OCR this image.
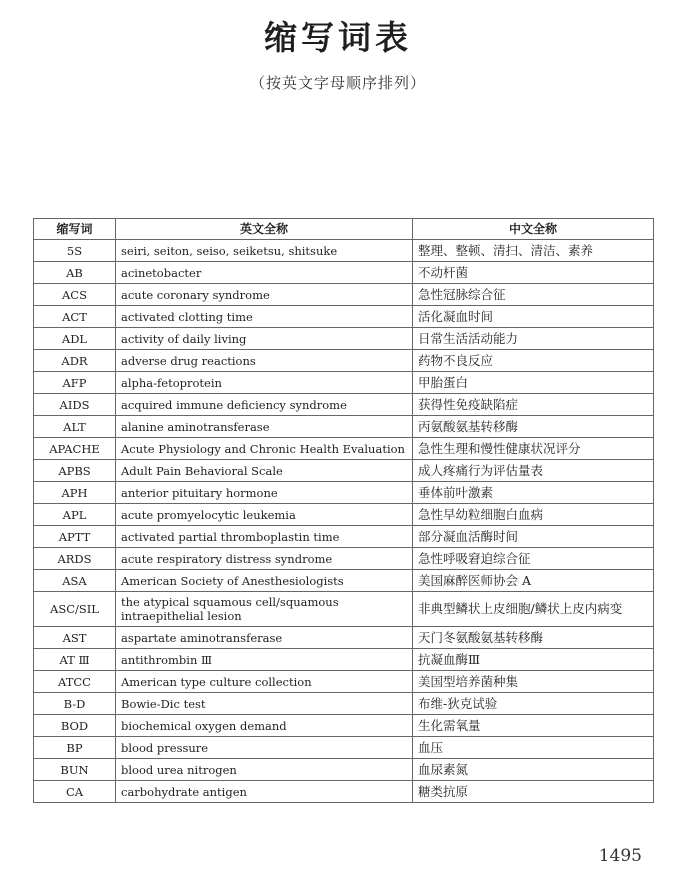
缩写词表
（按英文字母顺序排列）
缩写词	英文全称	中文全称
5S	seiri, seiton, seiso, seiketsu, shitsuke	整理、整顿、清扫、清洁、素养
AB	acinetobacter	不动杆菌
ACS	acute coronary syndrome	急性冠脉综合征
ACT	activated clotting time	活化凝血时间
ADL	activity of daily living	日常生活活动能力
ADR	adverse drug reactions	药物不良反应
AFP	alpha-fetoprotein	甲胎蛋白
AIDS	acquired immune deficiency syndrome	获得性免疫缺陷症
ALT	alanine aminotransferase	丙氨酸氨基转移酶
APACHE	Acute Physiology and Chronic Health Evaluation	急性生理和慢性健康状况评分
APBS	Adult Pain Behavioral Scale	成人疼痛行为评估量表
APH	anterior pituitary hormone	垂体前叶激素
APL	acute promyelocytic leukemia	急性早幼粒细胞白血病
APTT	activated partial thromboplastin time	部分凝血活酶时间
ARDS	acute respiratory distress syndrome	急性呼吸窘迫综合征
ASA	American Society of Anesthesiologists	美国麻醉医师协会 A
ASC/SIL	the atypical squamous cell/squamous intraepithelial lesion	非典型鳞状上皮细胞/鳞状上皮内病变
AST	aspartate aminotransferase	天门冬氨酸氨基转移酶
AT Ⅲ	antithrombin Ⅲ	抗凝血酶Ⅲ
ATCC	American type culture collection	美国型培养菌种集
B-D	Bowie-Dic test	布维-狄克试验
BOD	biochemical oxygen demand	生化需氧量
BP	blood pressure	血压
BUN	blood urea nitrogen	血尿素氮
CA	carbohydrate antigen	糖类抗原
1495
